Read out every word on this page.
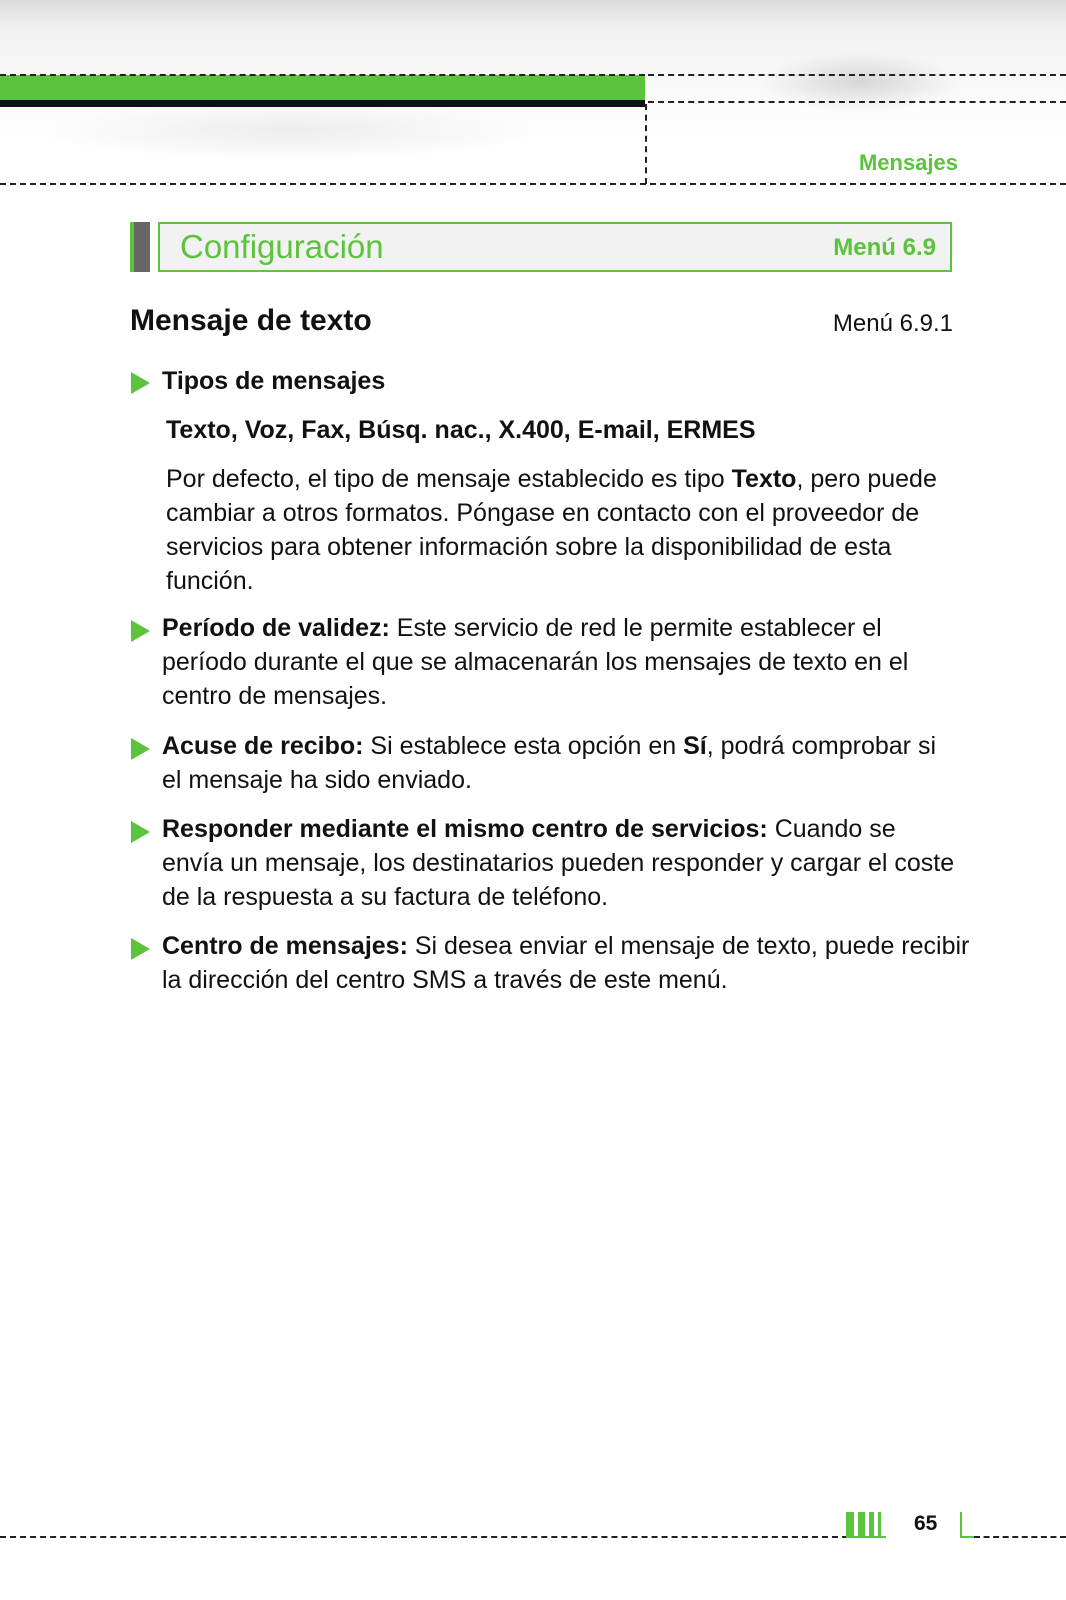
Mensajes
Configuración	Menú 6.9
Mensaje de texto	Menú 6.9.1

Tipos de mensajes

Texto, Voz, Fax, Búsq. nac., X.400, E-mail, ERMES

Por defecto, el tipo de mensaje establecido es tipo Texto, pero puede cambiar a otros formatos. Póngase en contacto con el proveedor de servicios para obtener información sobre la disponibilidad de esta función.

Período de validez: Este servicio de red le permite establecer el período durante el que se almacenarán los mensajes de texto en el centro de mensajes.

Acuse de recibo: Si establece esta opción en Sí, podrá comprobar si el mensaje ha sido enviado.

Responder mediante el mismo centro de servicios: Cuando se envía un mensaje, los destinatarios pueden responder y cargar el coste de la respuesta a su factura de teléfono.

Centro de mensajes: Si desea enviar el mensaje de texto, puede recibir la dirección del centro SMS a través de este menú.

65
